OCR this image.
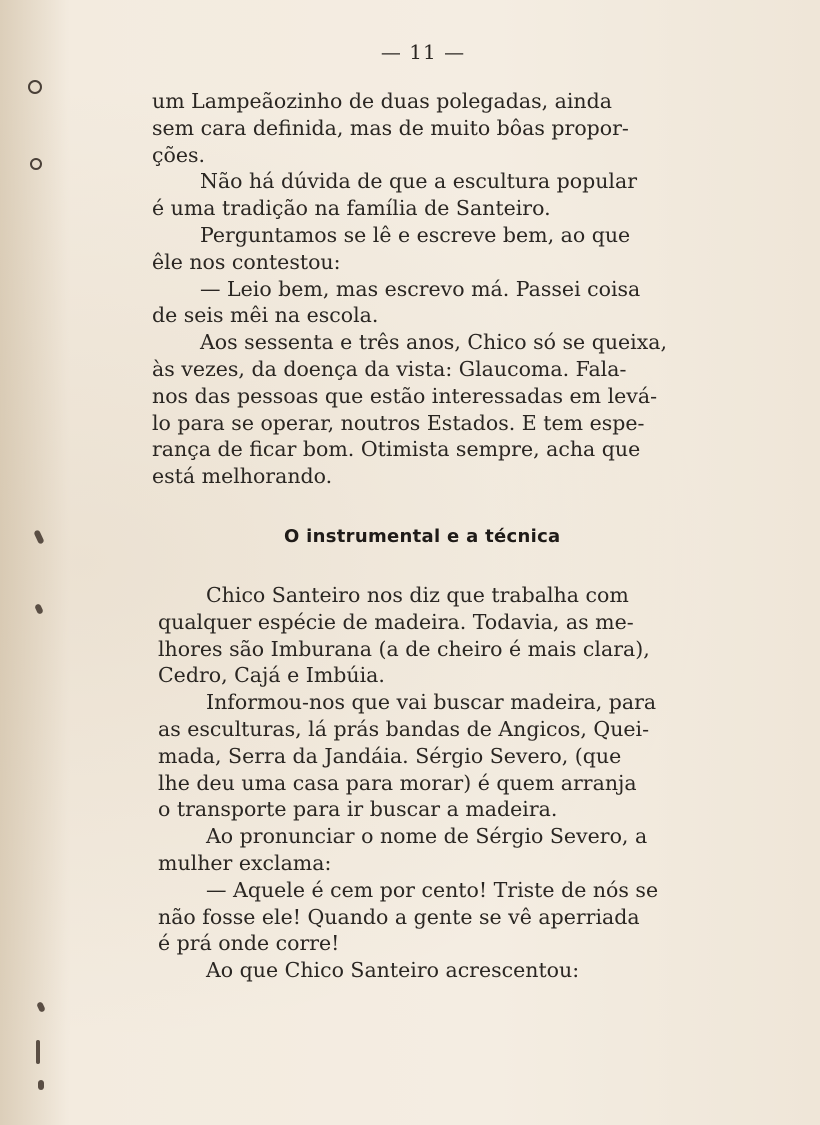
— 11 —
um Lampeãozinho de duas polegadas, ainda
sem cara definida, mas de muito bôas propor-
ções.
Não há dúvida de que a escultura popular
é uma tradição na família de Santeiro.
Perguntamos se lê e escreve bem, ao que
êle nos contestou:
— Leio bem, mas escrevo má. Passei coisa
de seis mêi na escola.
Aos sessenta e três anos, Chico só se queixa,
às vezes, da doença da vista: Glaucoma. Fala-
nos das pessoas que estão interessadas em levá-
lo para se operar, noutros Estados. E tem espe-
rança de ficar bom. Otimista sempre, acha que
está melhorando.
O instrumental e a técnica
Chico Santeiro nos diz que trabalha com
qualquer espécie de madeira. Todavia, as me-
lhores são Imburana (a de cheiro é mais clara),
Cedro, Cajá e Imbúia.
Informou-nos que vai buscar madeira, para
as esculturas, lá prás bandas de Angicos, Quei-
mada, Serra da Jandáia. Sérgio Severo, (que
lhe deu uma casa para morar) é quem arranja
o transporte para ir buscar a madeira.
Ao pronunciar o nome de Sérgio Severo, a
mulher exclama:
— Aquele é cem por cento! Triste de nós se
não fosse ele! Quando a gente se vê aperriada
é prá onde corre!
Ao que Chico Santeiro acrescentou:
